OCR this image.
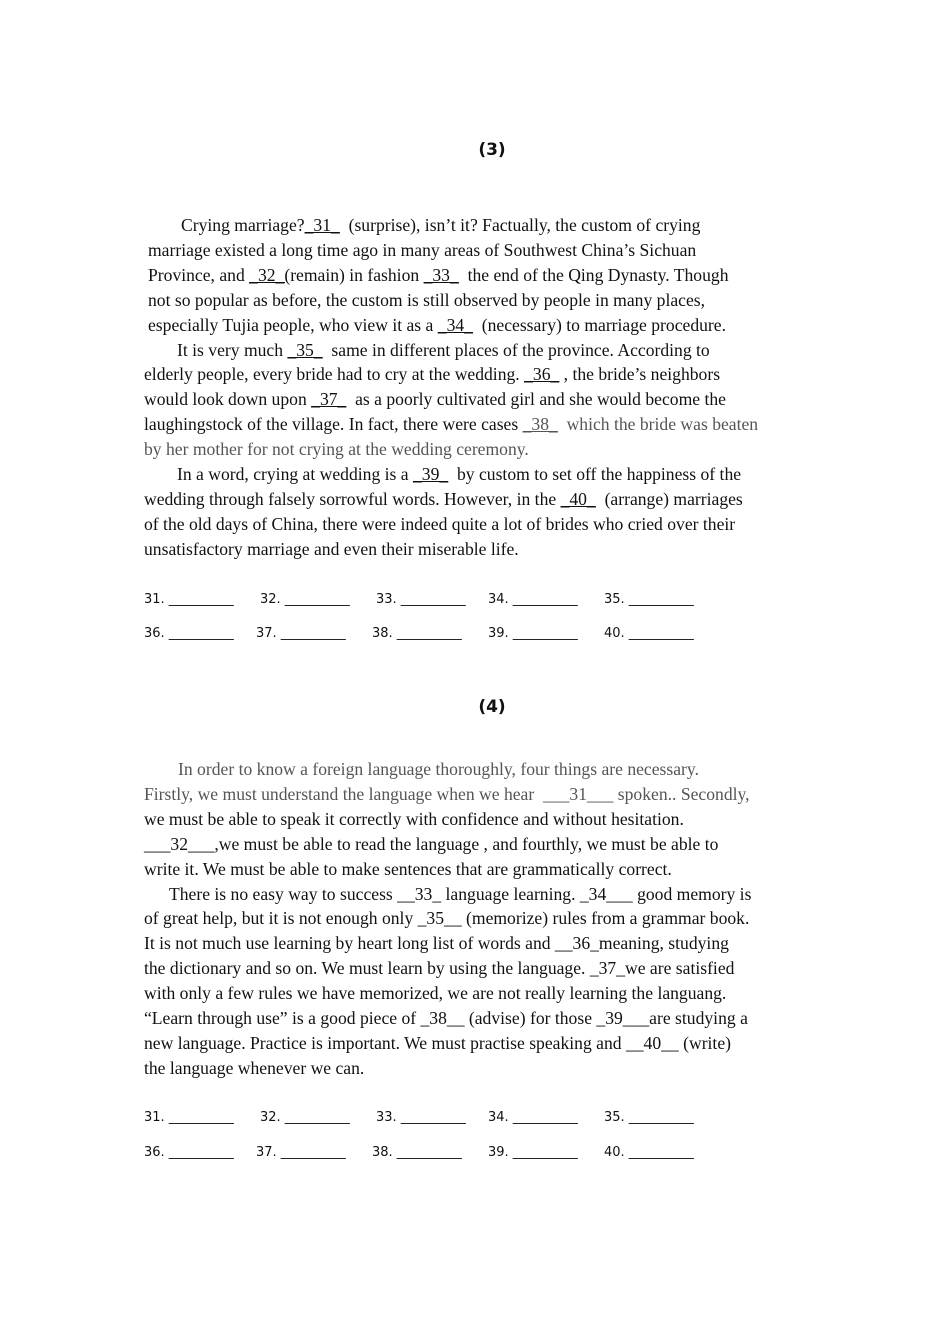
(3)
Crying marriage?_31_  (surprise), isn’t it? Factually, the custom of crying
marriage existed a long time ago in many areas of Southwest China’s Sichuan
Province, and _32_(remain) in fashion _33_  the end of the Qing Dynasty. Though
not so popular as before, the custom is still observed by people in many places,
especially Tujia people, who view it as a _34_  (necessary) to marriage procedure.
It is very much _35_  same in different places of the province. According to
elderly people, every bride had to cry at the wedding. _36_ , the bride’s neighbors
would look down upon _37_  as a poorly cultivated girl and she would become the
laughingstock of the village. In fact, there were cases _38_  which the bride was beaten
by her mother for not crying at the wedding ceremony.
In a word, crying at wedding is a _39_  by custom to set off the happiness of the
wedding through falsely sorrowful words. However, in the _40_  (arrange) marriages
of the old days of China, there were indeed quite a lot of brides who cried over their
unsatisfactory marriage and even their miserable life.
31. __________ 32. __________ 33. __________ 34. __________ 35. __________
36. __________ 37. __________ 38. __________ 39. __________ 40. __________
(4)
In order to know a foreign language thoroughly, four things are necessary.
Firstly, we must understand the language when we hear  ___31___ spoken.. Secondly,
we must be able to speak it correctly with confidence and without hesitation.
___32___,we must be able to read the language , and fourthly, we must be able to
write it. We must be able to make sentences that are grammatically correct.
There is no easy way to success __33_ language learning. _34___ good memory is
of great help, but it is not enough only _35__ (memorize) rules from a grammar book.
It is not much use learning by heart long list of words and __36_meaning, studying
the dictionary and so on. We must learn by using the language. _37_we are satisfied
with only a few rules we have memorized, we are not really learning the languang.
“Learn through use” is a good piece of _38__ (advise) for those _39___are studying a
new language. Practice is important. We must practise speaking and __40__ (write)
the language whenever we can.
31. __________ 32. __________ 33. __________ 34. __________ 35. __________
36. __________ 37. __________ 38. __________ 39. __________ 40. __________
